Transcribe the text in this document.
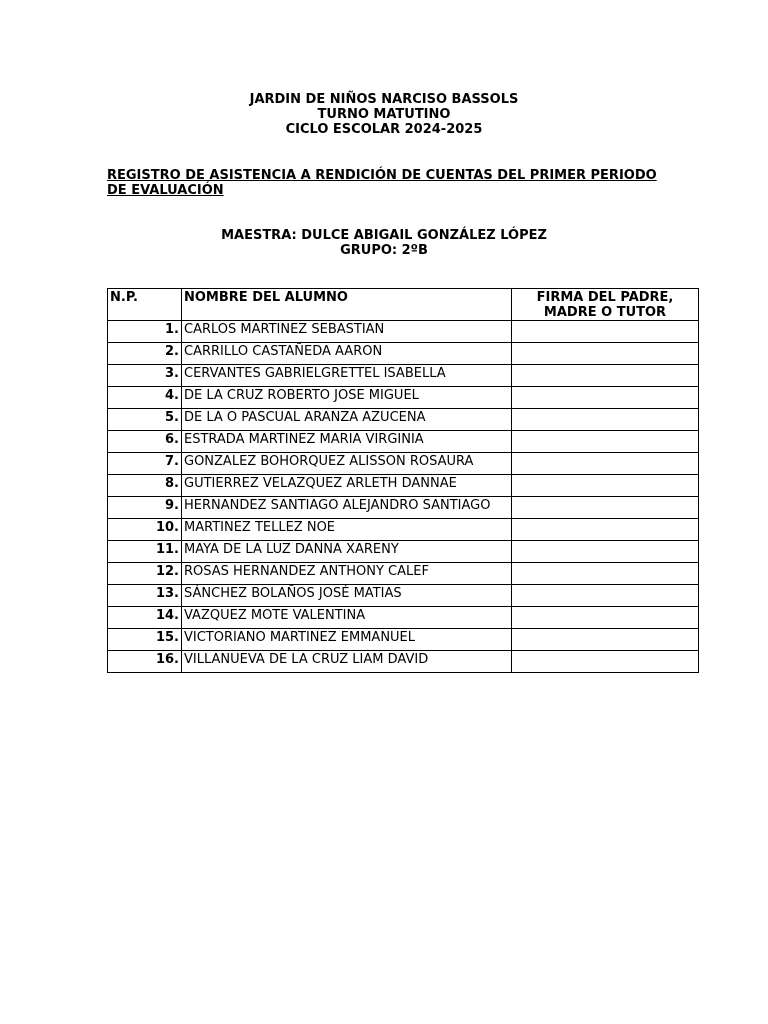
JARDIN DE NIÑOS NARCISO BASSOLS
TURNO MATUTINO
CICLO ESCOLAR 2024-2025
REGISTRO DE ASISTENCIA A RENDICIÓN DE CUENTAS DEL PRIMER PERIODO
DE EVALUACIÓN
MAESTRA: DULCE ABIGAIL GONZÁLEZ LÓPEZ
GRUPO: 2ºB
N.P.	NOMBRE DEL ALUMNO	FIRMA DEL PADRE,
MADRE O TUTOR

1.	CARLOS MARTINEZ SEBASTIAN	
2.	CARRILLO CASTAÑEDA AARON	
3.	CERVANTES GABRIELGRETTEL ISABELLA	
4.	DE LA CRUZ ROBERTO JOSE MIGUEL	
5.	DE LA O PASCUAL ARANZA AZUCENA	
6.	ESTRADA MARTINEZ MARIA VIRGINIA	
7.	GONZALEZ BOHORQUEZ ALISSON ROSAURA	
8.	GUTIERREZ VELAZQUEZ ARLETH DANNAE	
9.	HERNANDEZ SANTIAGO ALEJANDRO SANTIAGO	
10.	MARTINEZ TELLEZ NOE	
11.	MAYA DE LA LUZ DANNA XARENY	
12.	ROSAS HERNANDEZ ANTHONY CALEF	
13.	SÁNCHEZ BOLAÑOS JOSÉ MATIAS	
14.	VAZQUEZ MOTE VALENTINA	
15.	VICTORIANO MARTINEZ EMMANUEL	
16.	VILLANUEVA DE LA CRUZ LIAM DAVID	
